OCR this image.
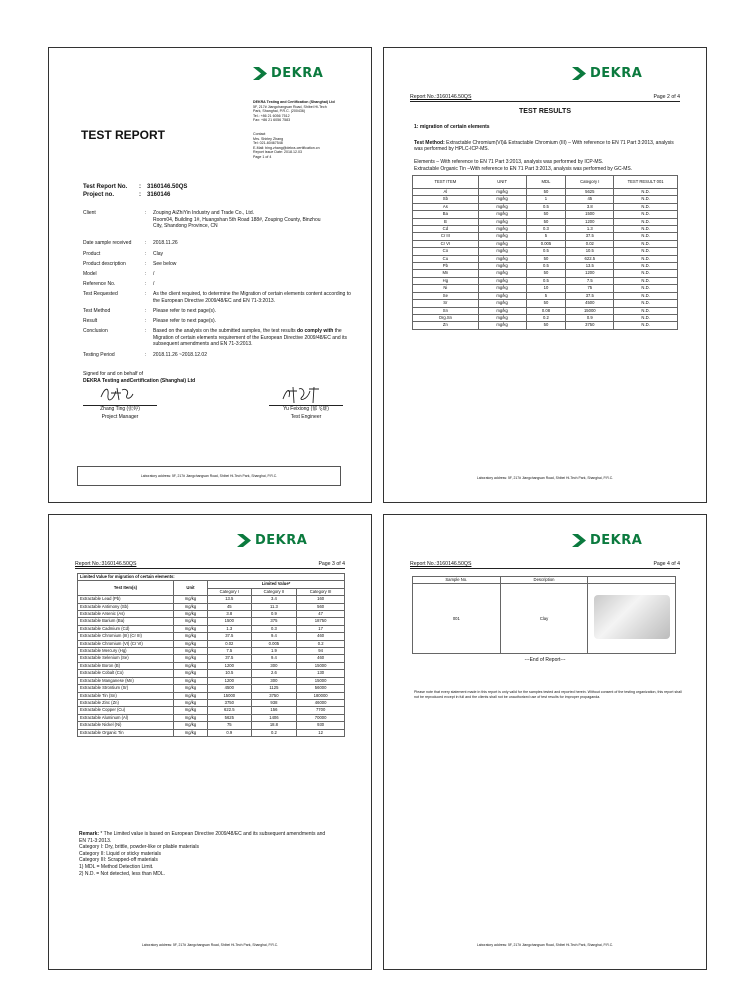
DEKRA
DEKRA Testing and Certification (Shanghai) Ltd
5F, 217# Jiangchangsan Road, Shibei Hi-Tech
Park, Shanghai, P.R.C. (200436)
Tel.: +86 21 6056 7512
Fax: +86 21 6056 7583
TEST REPORT	Contact
Mrs. Shirley Zhang
Tel: 021-60467548
E-Mail: bing.zhang@dekra-certification.cn
Report Issue Date: 2018.12.03
Page 1 of 4
Test Report No.	:	3160146.50QS
Project no.	:	3160146
Client	:	Zouping AiZhiYin Industry and Trade Co., Ltd.
Room04, Building 1#, Huangshan 5th Road 188#, Zouping County, Binzhou
City, Shandong Province, CN
Date sample received	:	2018.11.26
Product	:	Clay
Product description	:	See below
Model	:	/
Reference No.	:	/
Test Requested	:	As the client required, to determine the Migration of certain elements content according to the European Directive 2009/48/EC and EN 71-3:2013.
Test Method	:	Please refer to next page(s).
Result	:	Please refer to next page(s).
Conclusion	:	Based on the analysis on the submitted samples, the test results do comply with the Migration of certain elements requirement of the European Directive 2009/48/EC and its subsequent amendments and EN 71-3:2013.
Testing Period	:	2018.11.26 ~2018.12.02
Signed for and on behalf of
DEKRA Testing andCertification (Shanghai) Ltd
Zhang Ting (张婷)
Project Manager
Yu Feixiong (郁飞雄)
Test Engineer
Laboratory address: 5F, 217# Jiangchangsan Road, Shibei Hi-Tech Park, Shanghai, P.R.C.
DEKRA
Report No.:3160146.50QS	Page 2 of 4
TEST RESULTS
1: migration of certain elements
Test Method: Extractable Chromium(VI)& Extractable Chromium (III) – With reference to EN 71 Part 3:2013, analysis was performed by HPLC-ICP-MS.
Elements – With reference to EN 71 Part 3:2013, analysis was performed by ICP-MS.
Extractable Organic Tin –With reference to EN 71 Part 3:2013, analysis was performed by GC-MS.
TEST ITEM	UNIT	MDL	Category I	TEST RESULT 001
Al	mg/kg	50	5625	N.D.
Sb	mg/kg	1	45	N.D.
As	mg/kg	0.5	3.8	N.D.
Ba	mg/kg	50	1500	N.D.
B	mg/kg	50	1200	N.D.
Cd	mg/kg	0.3	1.3	N.D.
Cr III	mg/kg	5	37.5	N.D.
Cr VI	mg/kg	0.005	0.02	N.D.
Co	mg/kg	0.5	10.5	N.D.
Cu	mg/kg	50	622.5	N.D.
Pb	mg/kg	0.5	13.5	N.D.
Mn	mg/kg	50	1200	N.D.
Hg	mg/kg	0.5	7.5	N.D.
Ni	mg/kg	10	75	N.D.
Se	mg/kg	5	37.5	N.D.
Sr	mg/kg	50	4500	N.D.
Sn	mg/kg	0.08	15000	N.D.
Org.Sn	mg/kg	0.2	0.9	N.D.
Zn	mg/kg	50	3750	N.D.
Laboratory address: 5F, 217# Jiangchangsan Road, Shibei Hi-Tech Park, Shanghai, P.R.C.
DEKRA
Report No.:3160146.50QS	Page 3 of 4
Limited Value for migration of certain elements:				
Test Item(s)	Unit	Limited Value*		
		Category I	Category II	Category III
Extractable Lead (Pb)	mg/kg	13.5	3.4	160
Extractable Antimony (Sb)	mg/kg	45	11.3	560
Extractable Arsenic (As)	mg/kg	3.8	0.9	47
Extractable Barium (Ba)	mg/kg	1500	375	18750
Extractable Cadmium (Cd)	mg/kg	1.3	0.3	17
Extractable Chromium (III) (Cr III)	mg/kg	37.5	9.4	460
Extractable Chromium (VI) (Cr VI)	mg/kg	0.02	0.005	0.2
Extractable Mercury (Hg)	mg/kg	7.5	1.9	94
Extractable Selenium (Se)	mg/kg	37.5	9.4	460
Extractable Boron (B)	mg/kg	1200	300	15000
Extractable Cobalt (Co)	mg/kg	10.5	2.6	130
Extractable Manganese (Mn)	mg/kg	1200	300	15000
Extractable Strontium (Sr)	mg/kg	4500	1125	56000
Extractable Tin (Sn)	mg/kg	15000	3750	180000
Extractable Zinc (Zn)	mg/kg	3750	938	46000
Extractable Copper (Cu)	mg/kg	622.5	156	7700
Extractable Aluminum (Al)	mg/kg	5625	1406	70000
Extractable Nickel (Ni)	mg/kg	75	18.8	930
Extractable Organic Tin	mg/kg	0.9	0.2	12
Remark: * The Limited value is based on European Directive 2009/48/EC and its subsequent amendments and EN 71-3:2013.
Category I: Dry, brittle, powder-like or pliable materials
Category II: Liquid or sticky materials
Category III: Scrapped-off materials
1) MDL = Method Detection Limit.
2) N.D. = Not detected, less than MDL.
Laboratory address: 5F, 217# Jiangchangsan Road, Shibei Hi-Tech Park, Shanghai, P.R.C.
DEKRA
Report No.:3160146.50QS	Page 4 of 4
Sample No.	Description	
001	Clay	
---End of Report---
Please note that every statement made in this report is only valid for the samples tested and reported herein. Without consent of the testing organization, this report shall not be reproduced except in full and the clients shall not be unauthorized use of test results for improper propaganda.
Laboratory address: 5F, 217# Jiangchangsan Road, Shibei Hi-Tech Park, Shanghai, P.R.C.
